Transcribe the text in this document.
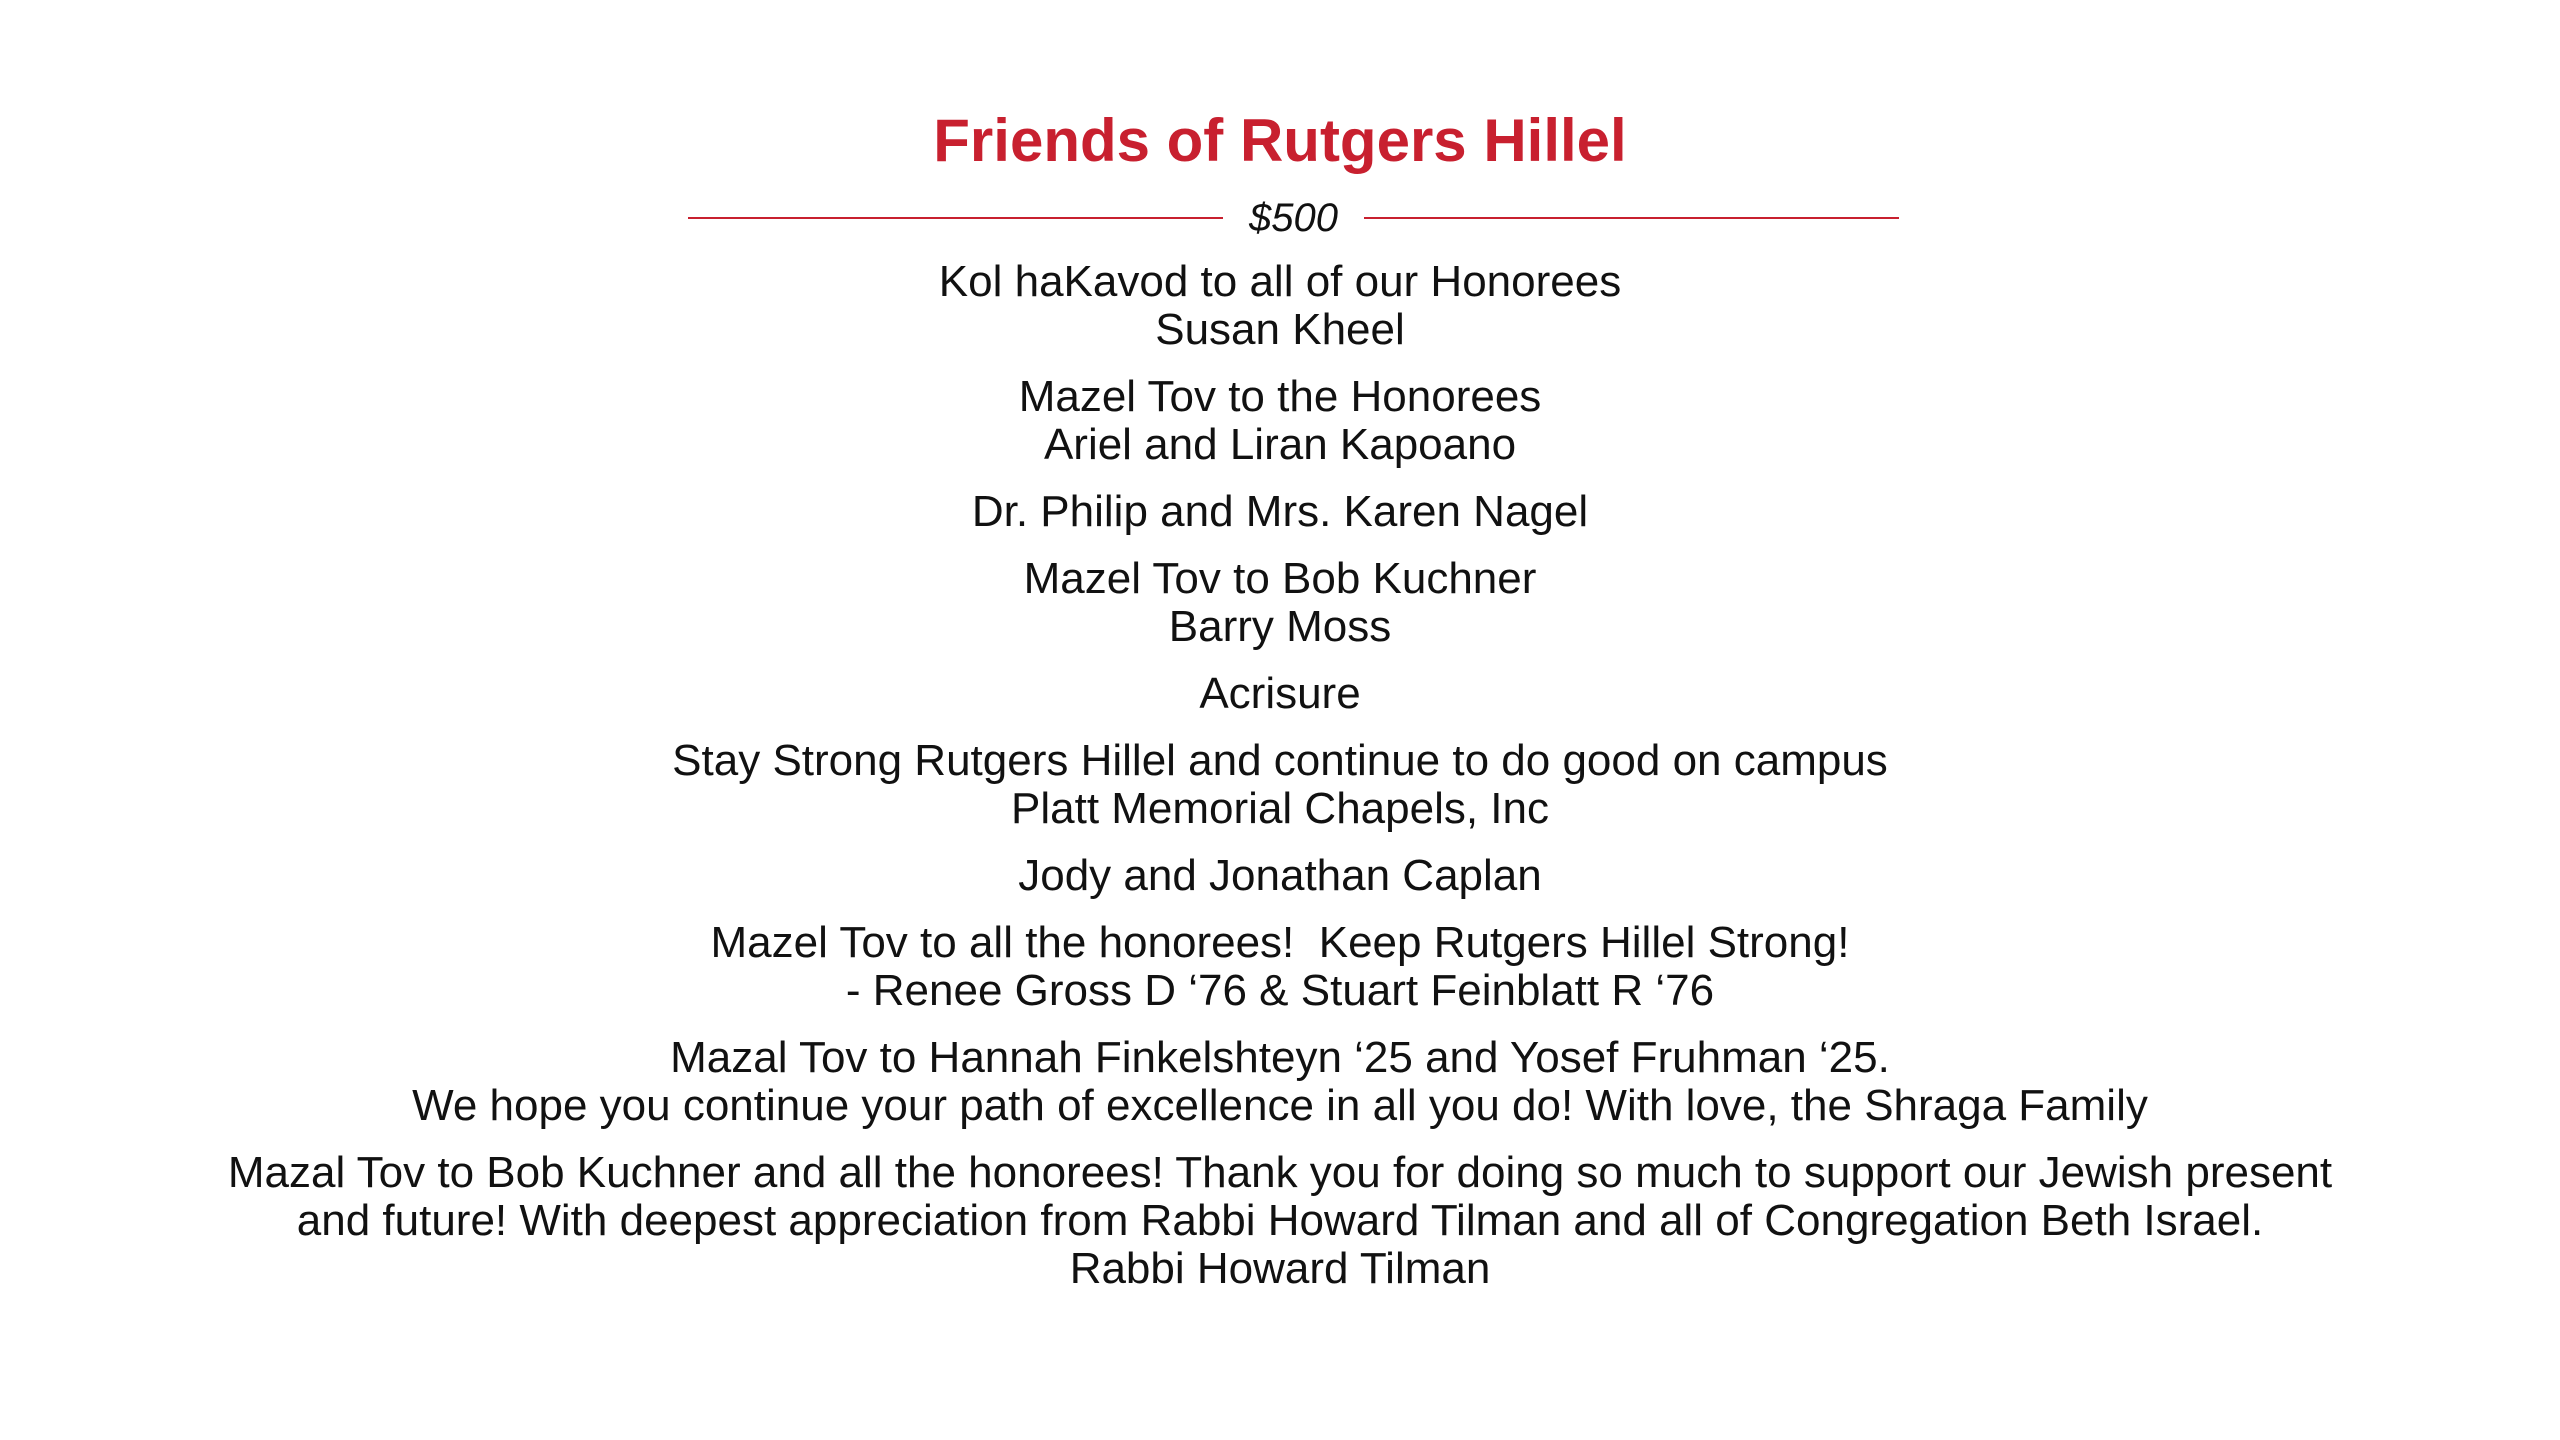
Friends of Rutgers Hillel
$500
Kol haKavod to all of our Honorees
Susan Kheel
Mazel Tov to the Honorees
Ariel and Liran Kapoano
Dr. Philip and Mrs. Karen Nagel
Mazel Tov to Bob Kuchner
Barry Moss
Acrisure
Stay Strong Rutgers Hillel and continue to do good on campus
Platt Memorial Chapels, Inc
Jody and Jonathan Caplan
Mazel Tov to all the honorees!  Keep Rutgers Hillel Strong!
- Renee Gross D ‘76 & Stuart Feinblatt R ‘76
Mazal Tov to Hannah Finkelshteyn ‘25 and Yosef Fruhman ‘25.
We hope you continue your path of excellence in all you do! With love, the Shraga Family
Mazal Tov to Bob Kuchner and all the honorees! Thank you for doing so much to support our Jewish present
and future! With deepest appreciation from Rabbi Howard Tilman and all of Congregation Beth Israel.
Rabbi Howard Tilman
